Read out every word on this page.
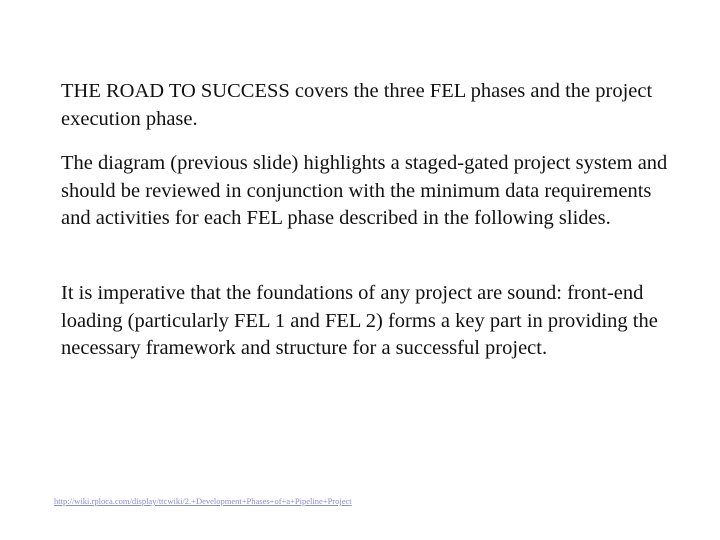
THE ROAD TO SUCCESS covers the three FEL phases and the project execution phase.

The diagram (previous slide) highlights a staged-gated project system and should be reviewed in conjunction with the minimum data requirements and activities for each FEL phase described in the following slides.

It is imperative that the foundations of any project are sound: front-end loading (particularly FEL 1 and FEL 2) forms a key part in providing the necessary framework and structure for a successful project.

http://wiki.rploca.com/display/ttcwiki/2.+Development+Phases+of+a+Pipeline+Project
